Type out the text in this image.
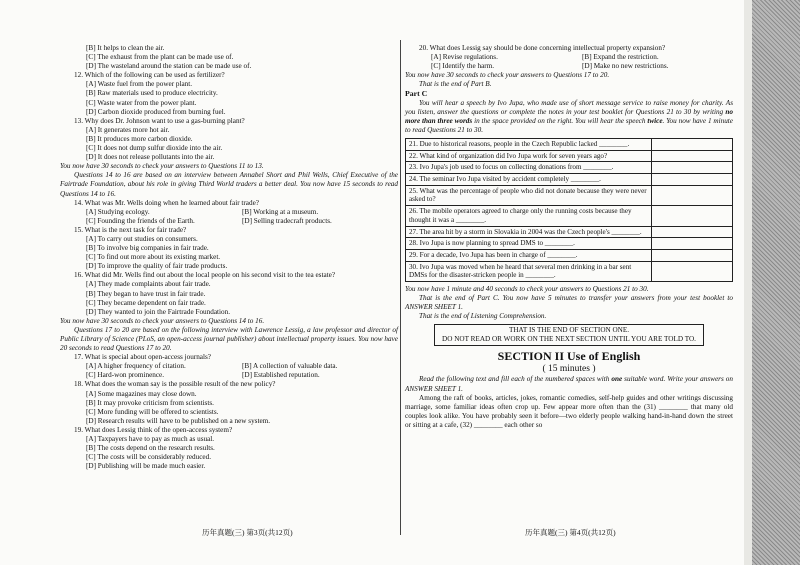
[B] It helps to clean the air.
[C] The exhaust from the plant can be made use of.
[D] The wasteland around the station can be made use of.
12. Which of the following can be used as fertilizer?
[A] Waste fuel from the power plant.
[B] Raw materials used to produce electricity.
[C] Waste water from the power plant.
[D] Carbon dioxide produced from burning fuel.
13. Why does Dr. Johnson want to use a gas-burning plant?
[A] It generates more hot air.
[B] It produces more carbon dioxide.
[C] It does not dump sulfur dioxide into the air.
[D] It does not release pollutants into the air.
You now have 30 seconds to check your answers to Questions 11 to 13.
Questions 14 to 16 are based on an interview between Annabel Short and Phil Wells, Chief Executive of the Fairtrade Foundation, about his role in giving Third World traders a better deal. You now have 15 seconds to read Questions 14 to 16.
14. What was Mr. Wells doing when he learned about fair trade?
[A] Studying ecology.	[B] Working at a museum.
[C] Founding the friends of the Earth.	[D] Selling tradecraft products.
15. What is the next task for fair trade?
[A] To carry out studies on consumers.
[B] To involve big companies in fair trade.
[C] To find out more about its existing market.
[D] To improve the quality of fair trade products.
16. What did Mr. Wells find out about the local people on his second visit to the tea estate?
[A] They made complaints about fair trade.
[B] They began to have trust in fair trade.
[C] They became dependent on fair trade.
[D] They wanted to join the Fairtrade Foundation.
You now have 30 seconds to check your answers to Questions 14 to 16.
Questions 17 to 20 are based on the following interview with Lawrence Lessig, a law professor and director of Public Library of Science (PLoS, an open-access journal publisher) about intellectual property issues. You now have 20 seconds to read Questions 17 to 20.
17. What is special about open-access journals?
[A] A higher frequency of citation.	[B] A collection of valuable data.
[C] Hard-won prominence.	[D] Established reputation.
18. What does the woman say is the possible result of the new policy?
[A] Some magazines may close down.
[B] It may provoke criticism from scientists.
[C] More funding will be offered to scientists.
[D] Research results will have to be published on a new system.
19. What does Lessig think of the open-access system?
[A] Taxpayers have to pay as much as usual.
[B] The costs depend on the research results.
[C] The costs will be considerably reduced.
[D] Publishing will be made much easier.
20. What does Lessig say should be done concerning intellectual property expansion?
[A] Revise regulations.	[B] Expand the restriction.
[C] Identify the harm.	[D] Make no new restrictions.
You now have 30 seconds to check your answers to Questions 17 to 20.
That is the end of Part B.
Part C
You will hear a speech by Ivo Jupa, who made use of short message service to raise money for charity. As you listen, answer the questions or complete the notes in your test booklet for Questions 21 to 30 by writing no more than three words in the space provided on the right. You will hear the speech twice. You now have 1 minute to read Questions 21 to 30.
21. Due to historical reasons, people in the Czech Republic lacked ________.	
22. What kind of organization did Ivo Jupa work for seven years ago?	
23. Ivo Jupa's job used to focus on collecting donations from ________.	
24. The seminar Ivo Jupa visited by accident completely ________.	
25. What was the percentage of people who did not donate because they were never asked to?	
26. The mobile operators agreed to charge only the running costs because they thought it was a ________.	
27. The area hit by a storm in Slovakia in 2004 was the Czech people's ________.	
28. Ivo Jupa is now planning to spread DMS to ________.	
29. For a decade, Ivo Jupa has been in charge of ________.	
30. Ivo Jupa was moved when he heard that several men drinking in a bar sent DMSs for the disaster-stricken people in ________.	
You now have 1 minute and 40 seconds to check your answers to Questions 21 to 30.
That is the end of Part C. You now have 5 minutes to transfer your answers from your test booklet to ANSWER SHEET 1.
That is the end of Listening Comprehension.
THAT IS THE END OF SECTION ONE.
DO NOT READ OR WORK ON THE NEXT SECTION UNTIL YOU ARE TOLD TO.
SECTION II Use of English
( 15 minutes )
Read the following text and fill each of the numbered spaces with one suitable word. Write your answers on ANSWER SHEET 1.
Among the raft of books, articles, jokes, romantic comedies, self-help guides and other writings discussing marriage, some familiar ideas often crop up. Few appear more often than the (31) ________ that many old couples look alike. You have probably seen it before—two elderly people walking hand-in-hand down the street or sitting at a cafe, (32) ________ each other so
历年真题(三) 第3页(共12页)	历年真题(三) 第4页(共12页)
